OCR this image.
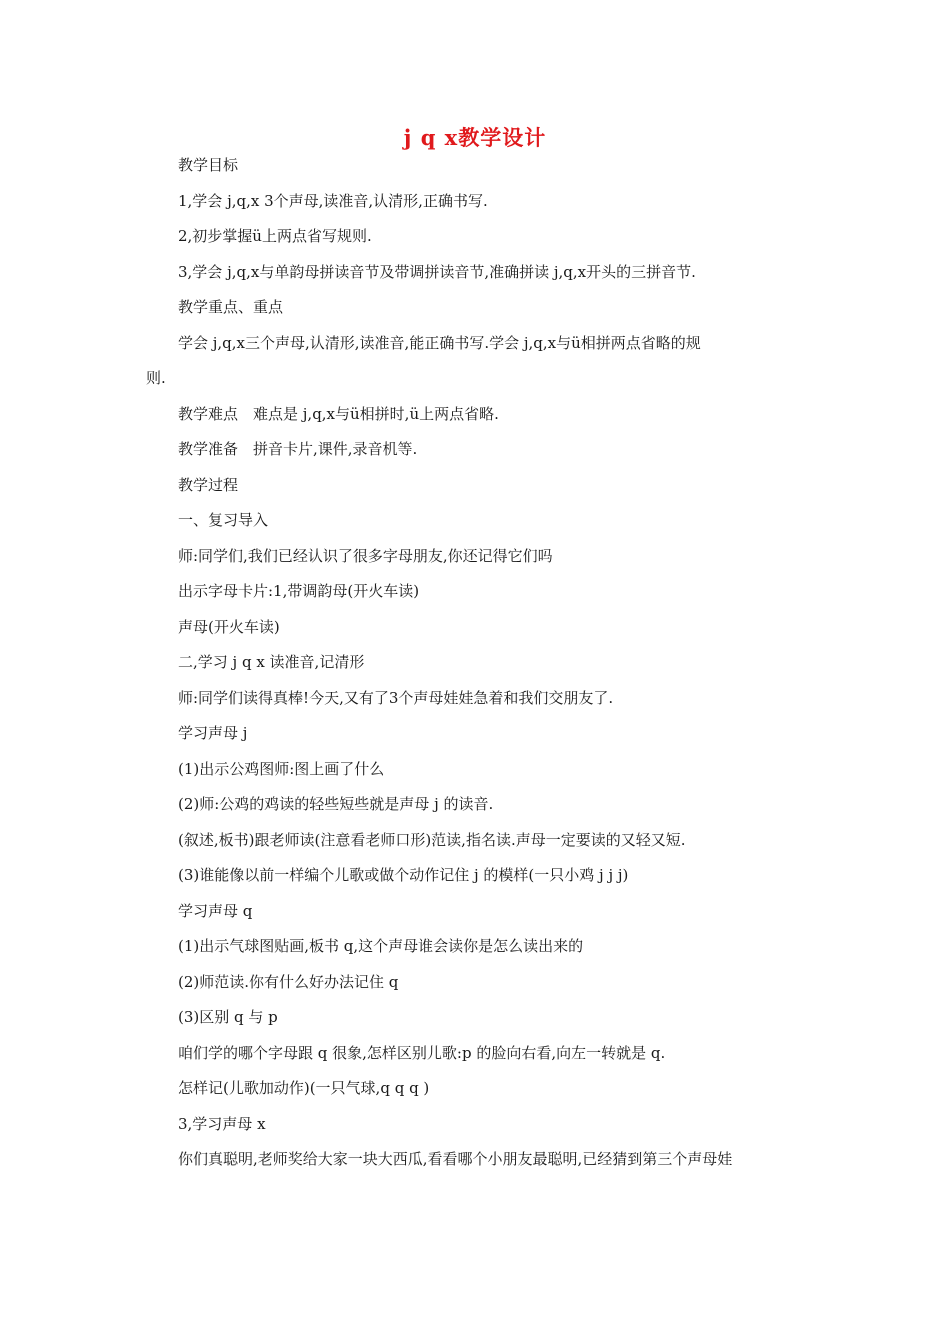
j q x教学设计
教学目标
1,学会 j,q,x 3个声母,读准音,认清形,正确书写.
2,初步掌握ü上两点省写规则.
3,学会 j,q,x与单韵母拼读音节及带调拼读音节,准确拼读 j,q,x开头的三拼音节.
教学重点、重点
学会 j,q,x三个声母,认清形,读准音,能正确书写.学会 j,q,x与ü相拼两点省略的规
则.
教学难点　难点是 j,q,x与ü相拼时,ü上两点省略.
教学准备　拼音卡片,课件,录音机等.
教学过程
一、复习导入
师:同学们,我们已经认识了很多字母朋友,你还记得它们吗
出示字母卡片:1,带调韵母(开火车读)
声母(开火车读)
二,学习 j q x 读准音,记清形
师:同学们读得真棒!今天,又有了3个声母娃娃急着和我们交朋友了.
学习声母 j
(1)出示公鸡图师:图上画了什么
(2)师:公鸡的鸡读的轻些短些就是声母 j 的读音.
(叙述,板书)跟老师读(注意看老师口形)范读,指名读.声母一定要读的又轻又短.
(3)谁能像以前一样编个儿歌或做个动作记住 j 的模样(一只小鸡 j j j)
学习声母 q
(1)出示气球图贴画,板书 q,这个声母谁会读你是怎么读出来的
(2)师范读.你有什么好办法记住 q
(3)区别 q 与 p
咱们学的哪个字母跟 q 很象,怎样区别儿歌:p 的脸向右看,向左一转就是 q.
怎样记(儿歌加动作)(一只气球,q q q )
3,学习声母 x
你们真聪明,老师奖给大家一块大西瓜,看看哪个小朋友最聪明,已经猜到第三个声母娃
